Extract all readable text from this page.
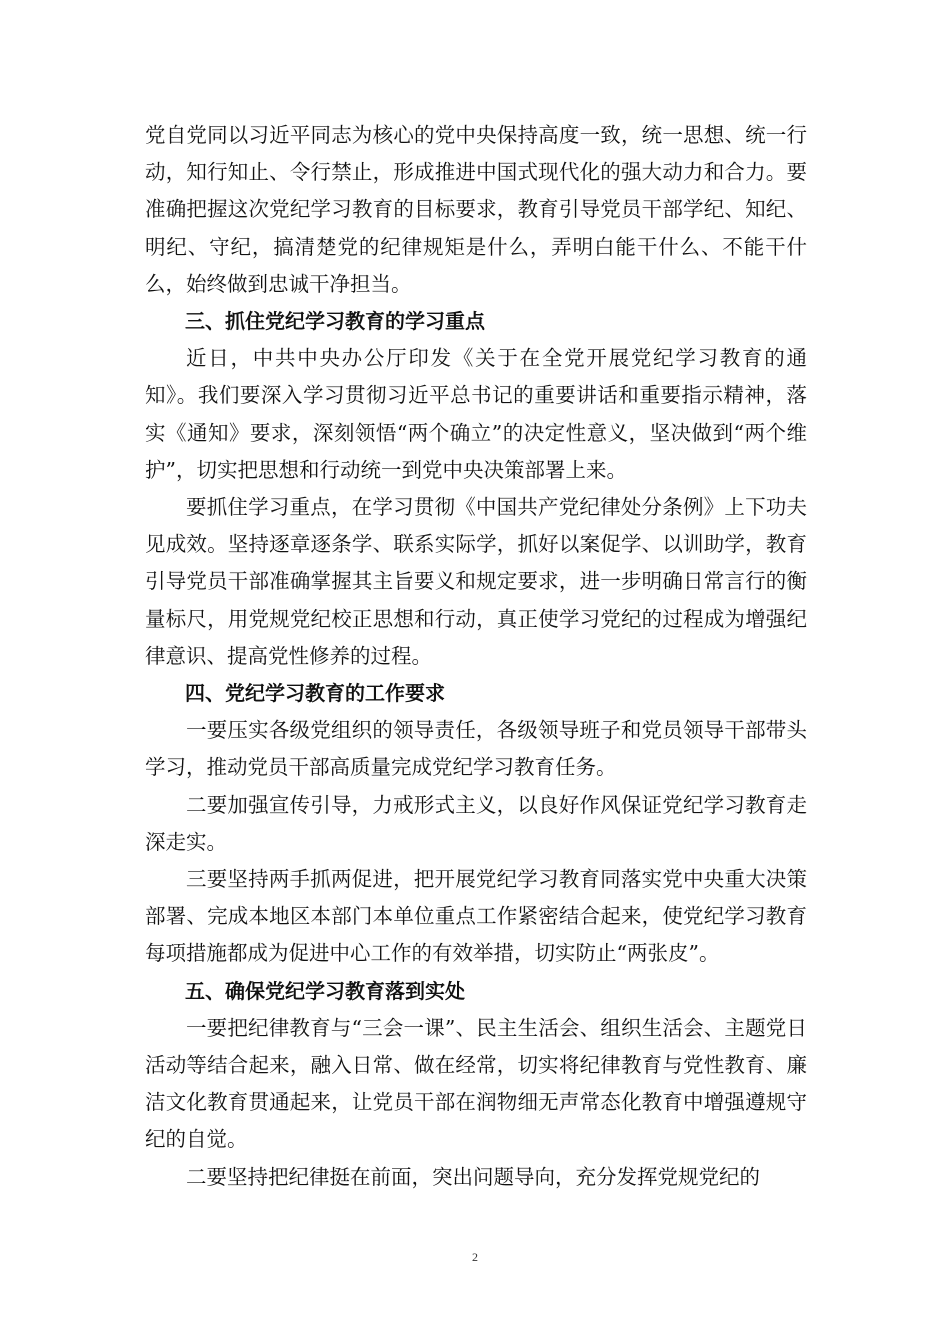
党自党同以习近平同志为核心的党中央保持高度一致，统一思想、统一行动，知行知止、令行禁止，形成推进中国式现代化的强大动力和合力。要准确把握这次党纪学习教育的目标要求，教育引导党员干部学纪、知纪、明纪、守纪，搞清楚党的纪律规矩是什么，弄明白能干什么、不能干什么，始终做到忠诚干净担当。

三、抓住党纪学习教育的学习重点

近日，中共中央办公厅印发《关于在全党开展党纪学习教育的通知》。我们要深入学习贯彻习近平总书记的重要讲话和重要指示精神，落实《通知》要求，深刻领悟“两个确立”的决定性意义，坚决做到“两个维护”，切实把思想和行动统一到党中央决策部署上来。

要抓住学习重点，在学习贯彻《中国共产党纪律处分条例》上下功夫见成效。坚持逐章逐条学、联系实际学，抓好以案促学、以训助学，教育引导党员干部准确掌握其主旨要义和规定要求，进一步明确日常言行的衡量标尺，用党规党纪校正思想和行动，真正使学习党纪的过程成为增强纪律意识、提高党性修养的过程。

四、党纪学习教育的工作要求

一要压实各级党组织的领导责任，各级领导班子和党员领导干部带头学习，推动党员干部高质量完成党纪学习教育任务。

二要加强宣传引导，力戒形式主义，以良好作风保证党纪学习教育走深走实。

三要坚持两手抓两促进，把开展党纪学习教育同落实党中央重大决策部署、完成本地区本部门本单位重点工作紧密结合起来，使党纪学习教育每项措施都成为促进中心工作的有效举措，切实防止“两张皮”。

五、确保党纪学习教育落到实处

一要把纪律教育与“三会一课”、民主生活会、组织生活会、主题党日活动等结合起来，融入日常、做在经常，切实将纪律教育与党性教育、廉洁文化教育贯通起来，让党员干部在润物细无声常态化教育中增强遵规守纪的自觉。

二要坚持把纪律挺在前面，突出问题导向，充分发挥党规党纪的

2
